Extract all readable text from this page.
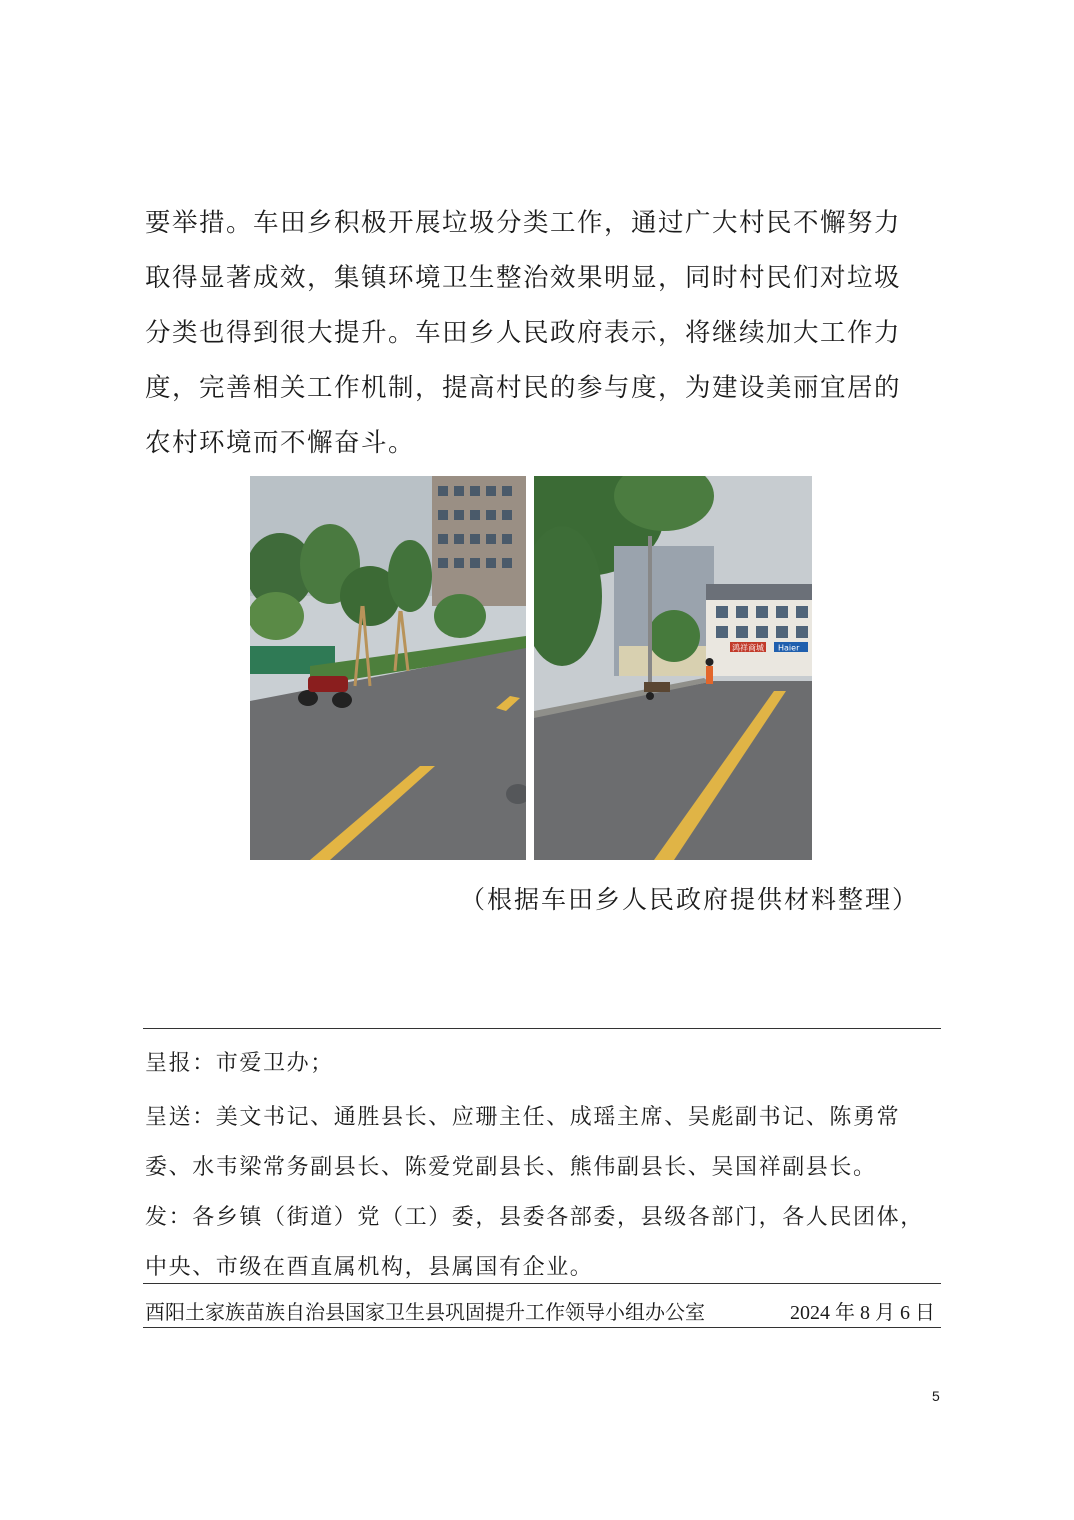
要举措。车田乡积极开展垃圾分类工作，通过广大村民不懈努力
取得显著成效，集镇环境卫生整治效果明显，同时村民们对垃圾
分类也得到很大提升。车田乡人民政府表示，将继续加大工作力
度，完善相关工作机制，提高村民的参与度，为建设美丽宜居的
农村环境而不懈奋斗。
鸿祥商城 Haier
（根据车田乡人民政府提供材料整理）
呈报：市爱卫办；
呈送：美文书记、通胜县长、应珊主任、成瑶主席、吴彪副书记、陈勇常
委、水韦梁常务副县长、陈爱党副县长、熊伟副县长、吴国祥副县长。
发：各乡镇（街道）党（工）委，县委各部委，县级各部门，各人民团体，
中央、市级在酉直属机构，县属国有企业。
酉阳土家族苗族自治县国家卫生县巩固提升工作领导小组办公室	2024 年 8 月 6 日
5
